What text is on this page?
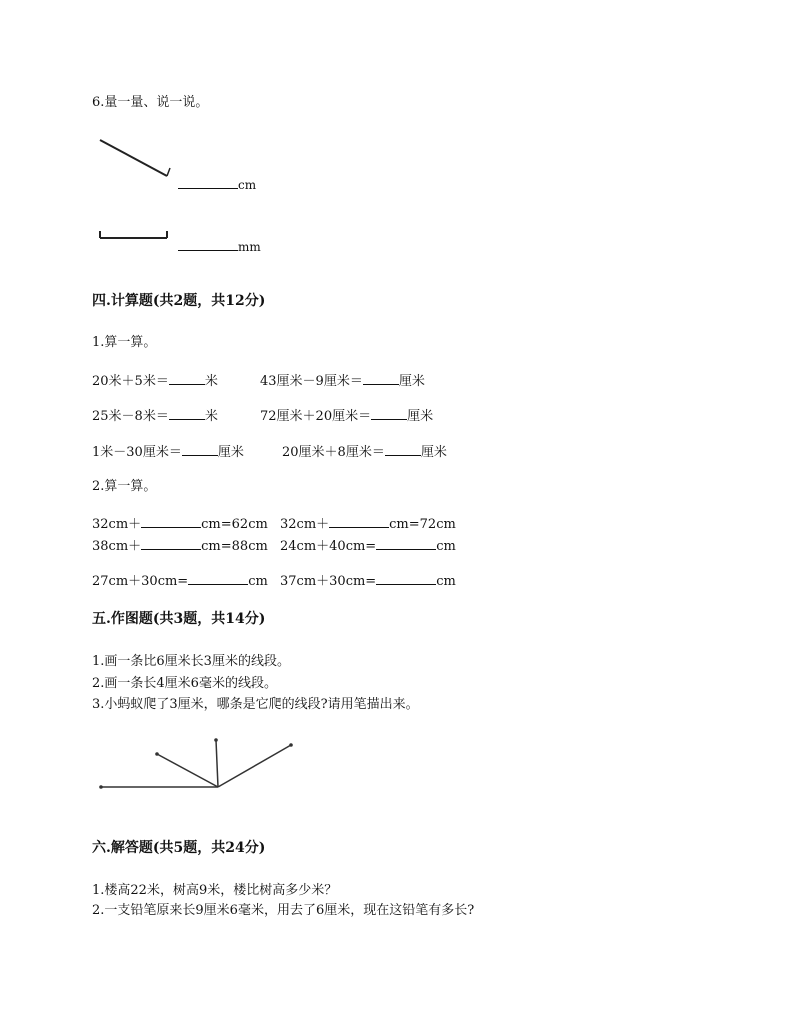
6.量一量、说一说。
cm
mm
四.计算题(共2题，共12分)
1.算一算。
20米＋5米＝	米	43厘米－9厘米＝	厘米
25米－8米＝	米	72厘米＋20厘米＝	厘米
1米－30厘米＝	厘米	20厘米＋8厘米＝	厘米
2.算一算。
32cm＋	cm=62cm 32cm＋	cm=72cm
38cm＋	cm=88cm 24cm＋40cm=	cm
27cm＋30cm=	cm 37cm＋30cm=	cm
五.作图题(共3题，共14分)
1.画一条比6厘米长3厘米的线段。
2.画一条长4厘米6毫米的线段。
3.小蚂蚁爬了3厘米，哪条是它爬的线段?请用笔描出来。
六.解答题(共5题，共24分)
1.楼高22米，树高9米，楼比树高多少米？
2.一支铅笔原来长9厘米6毫米，用去了6厘米，现在这铅笔有多长?
